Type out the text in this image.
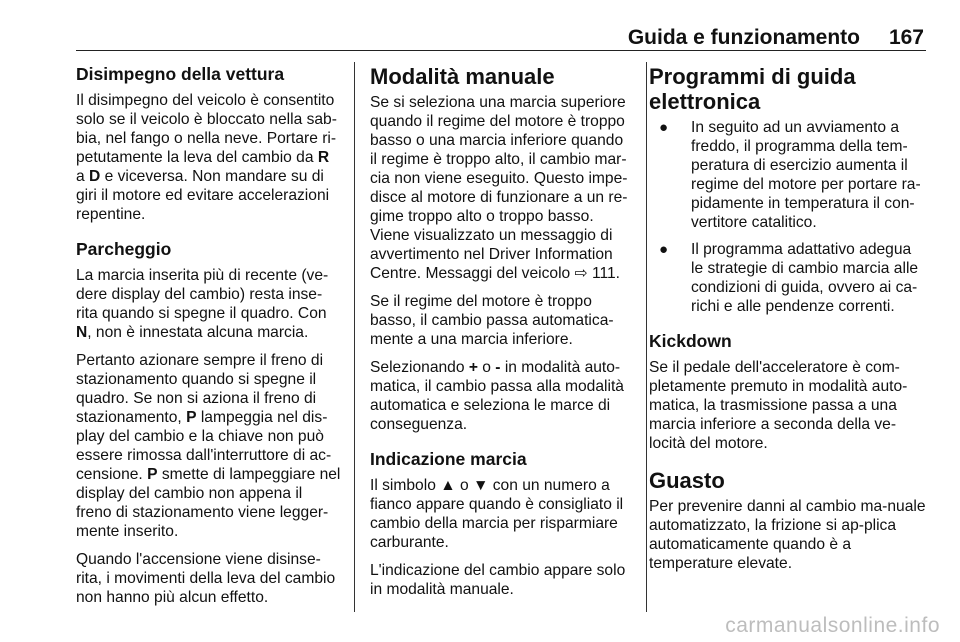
Guida e funzionamento 167
Disimpegno della vettura

Il disimpegno del veicolo è consentito solo se il veicolo è bloccato nella sab-bia, nel fango o nella neve. Portare ri-petutamente la leva del cambio da R a D e viceversa. Non mandare su di giri il motore ed evitare accelerazioni repentine.

Parcheggio

La marcia inserita più di recente (ve-dere display del cambio) resta inse-rita quando si spegne il quadro. Con N, non è innestata alcuna marcia.

Pertanto azionare sempre il freno di stazionamento quando si spegne il quadro. Se non si aziona il freno di stazionamento, P lampeggia nel dis-play del cambio e la chiave non può essere rimossa dall'interruttore di ac-censione. P smette di lampeggiare nel display del cambio non appena il freno di stazionamento viene legger-mente inserito.

Quando l'accensione viene disinse-rita, i movimenti della leva del cambio non hanno più alcun effetto.

Modalità manuale

Se si seleziona una marcia superiore quando il regime del motore è troppo basso o una marcia inferiore quando il regime è troppo alto, il cambio mar-cia non viene eseguito. Questo impe-disce al motore di funzionare a un re-gime troppo alto o troppo basso. Viene visualizzato un messaggio di avvertimento nel Driver Information Centre. Messaggi del veicolo ⇨ 111.

Se il regime del motore è troppo basso, il cambio passa automatica-mente a una marcia inferiore.

Selezionando + o - in modalità auto-matica, il cambio passa alla modalità automatica e seleziona le marce di conseguenza.

Indicazione marcia

Il simbolo ▲ o ▼ con un numero a fianco appare quando è consigliato il cambio della marcia per risparmiare carburante.

L'indicazione del cambio appare solo in modalità manuale.

Programmi di guida elettronica
● In seguito ad un avviamento a freddo, il programma della tem-peratura di esercizio aumenta il regime del motore per portare ra-pidamente in temperatura il con-vertitore catalitico.
● Il programma adattativo adegua le strategie di cambio marcia alle condizioni di guida, ovvero ai ca-richi e alle pendenze correnti.
Kickdown

Se il pedale dell'acceleratore è com-pletamente premuto in modalità auto-matica, la trasmissione passa a una marcia inferiore a seconda della ve-locità del motore.

Guasto

Per prevenire danni al cambio ma-nuale automatizzato, la frizione si ap-plica automaticamente quando è a temperature elevate.

carmanualsonline.info
